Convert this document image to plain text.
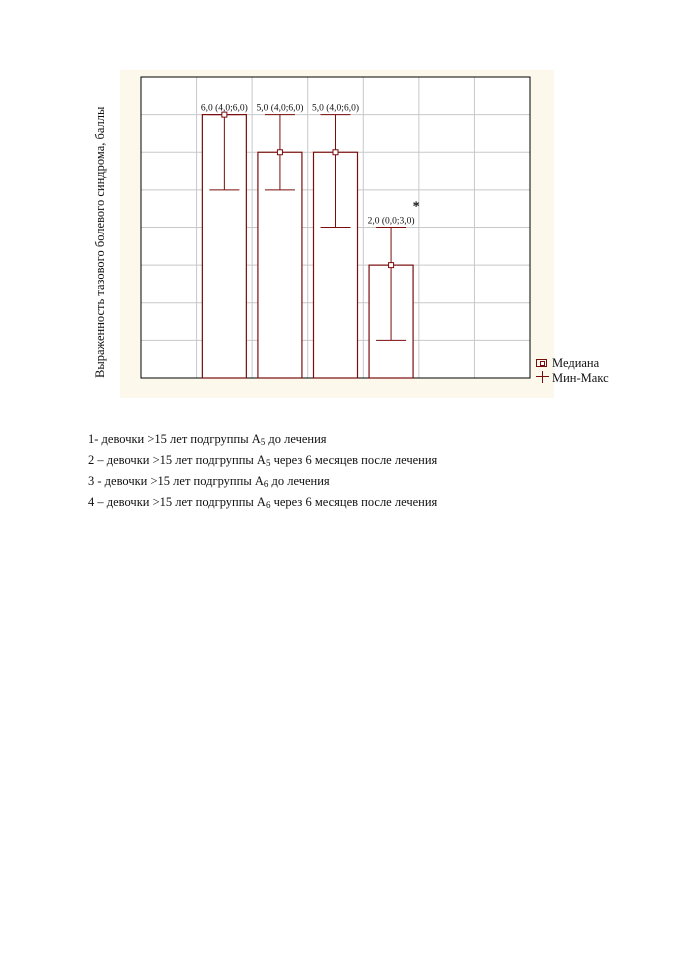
6,0 (4,0;6,0) 5,0 (4,0;6,0) 5,0 (4,0;6,0)
2,0 (0,0;3,0)
*
Выраженность тазового болевого синдрома, баллы	Медиана
Мин-Макс
1- девочки >15 лет подгруппы $А_5$ до лечения
2 – девочки >15 лет подгруппы $А_5$ через 6 месяцев после лечения
3 - девочки >15 лет подгруппы $А_6$ до лечения
4 – девочки >15 лет подгруппы $А_6$ через 6 месяцев после лечения
